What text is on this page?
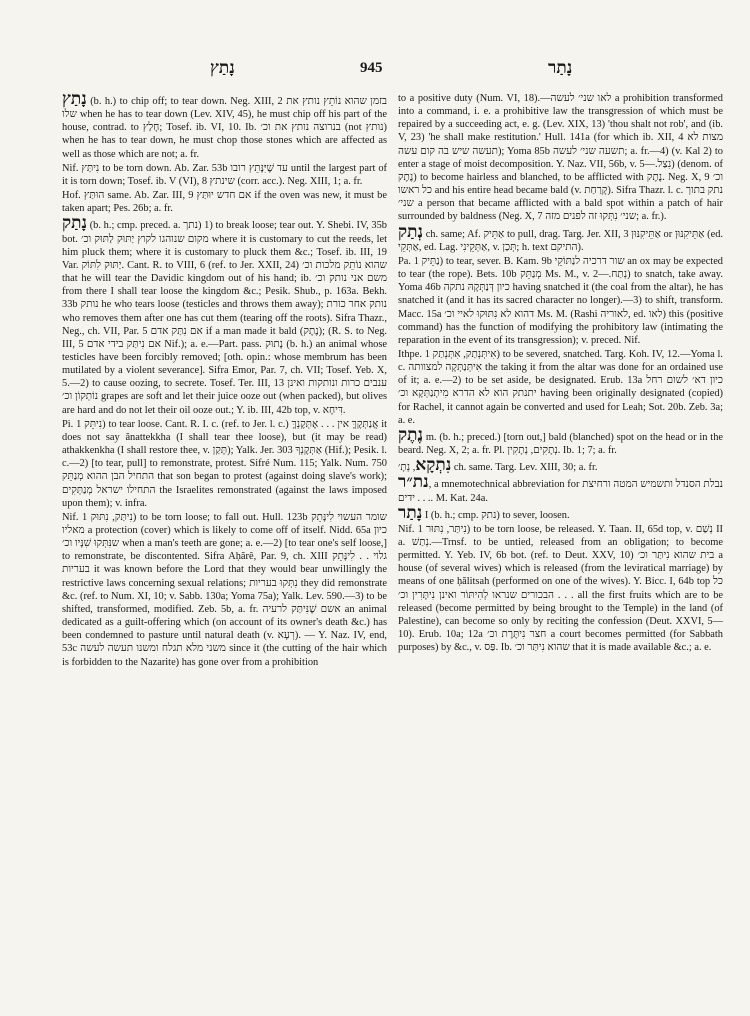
נָתַץ	945	נָתַר

נָתַץ (b. h.) to chip off; to tear down. Neg. XIII, 2 בזמן שהוא נוֹתֵץ נותץ את שלו when he has to tear down (Lev. XIV, 45), he must chip off his part of the house, contrad. to חָלַץ; Tosef. ib. VI, 10. Ib. בנרוצה נותץ את וכ׳ (not נותץ) when he has to tear down, he must chop those stones which are affected as well as those which are not; a. fr.

Nif. נִיתַּץ to be torn down. Ab. Zar. 53b עד שֶׁיִּנָּתֵץ רובו until the largest part of it is torn down; Tosef. ib. V (VI), 8 שינתץ (corr. acc.). Neg. XIII, 1; a. fr.

Hof. הוּתַּץ same. Ab. Zar. III, 9 אם חדש יוּתַּץ if the oven was new, it must be taken apart; Pes. 26b; a. fr.

נָתַק (b. h.; cmp. preced. a. נתך) 1) to break loose; tear out. Y. Shebi. IV, 35b bot. מקום שנוהגו לקוץ יַתּוּק לַתּוּק וכ׳ where it is customary to cut the reeds, let him pluck them; where it is customary to pluck them &c.; Tosef. ib. III, 19 Var. יַתּוּק לִתּוֹק. Cant. R. to VIII, 6 (ref. to Jer. XXII, 24) שהוא נוֹתֵק מלכות וכ׳ that he will tear the Davidic kingdom out of his hand; ib. משם אני נותק וכ׳ from there I shall tear loose the kingdom &c.; Pesik. Shub., p. 163a. Bekh. 33b נותק he who tears loose (testicles and throws them away); נותק אחר כורת who removes them after one has cut them (tearing off the roots). Sifra Thazr., Neg., ch. VII, Par. 5 אם נִתַּק אדם if a man made it bald (נֶתֶק); (R. S. to Neg. III, 5 אם נִיתַּק בידי אדם Nif.); a. e.—Part. pass. נָתוּק (b. h.) an animal whose testicles have been forcibly removed; [oth. opin.: whose membrum has been mutilated by a violent severance]. Sifra Emor, Par. 7, ch. VII; Tosef. Yeb. X, 5.—2) to cause oozing, to secrete. Tosef. Ter. III, 13 ענבים כרות ונותקות ואינן נוֹתְקוֹן וכ׳ grapes are soft and let their juice ooze out (when packed), but olives are hard and do not let their oil ooze out.; Y. ib. III, 42b top, v. דִּיחָא.

Pi. נִיתֵּק 1) to tear loose. Cant. R. I. c. (ref. to Jer. l. c.) אֲנַתְּקֶךָּ אין . . . אֶתְּקֶנְךָּ it does not say ănattekkha (I shall tear thee loose), but (it may be read) athakkenkha (I shall restore thee, v. תָּקַן); Yalk. Jer. 303 אַתְּקֶנְךָ (Hif.); Pesik. l. c.—2) [to tear, pull] to remonstrate, protest. Sifré Num. 115; Yalk. Num. 750 התחיל הבן ההוא מְנַתֵּק that son began to protest (against doing slave's work); התחילו ישראל מְנַתְּקִים the Israelites remonstrated (against the laws imposed upon them); v. infra.

Nif. נִיתַּק, נִתּוּק 1) to be torn loose; to fall out. Hull. 123b שומר העשוי לִינָּתֵק מאליו a protection (cover) which is likely to come off of itself. Nidd. 65a כיון שנִּתְּקוּ שִׁנָּיו וכ׳ when a man's teeth are gone; a. e.—2) [to tear one's self loose,] to remonstrate, be discontented. Sifra Aḥărê, Par. 9, ch. XIII גלוי . . לִינָּתֵק בעריות it was known before the Lord that they would bear unwillingly the restrictive laws concerning sexual relations; נִתְּקוּ בעריות they did remonstrate &c. (ref. to Num. XI, 10; v. Sabb. 130a; Yoma 75a); Yalk. Lev. 590.—3) to be shifted, transformed, modified. Zeb. 5b, a. fr. אשם שֶׁנִּיתַּק לרעיה an animal dedicated as a guilt-offering which (on account of its owner's death &c.) has been condemned to pasture until natural death (v. רְעָא). — Y. Naz. IV, end, 53c משני מלא תגלח ומשנו תעשה לעשה since it (the cutting of the hair which is forbidden to the Nazarite) has gone over from a prohibition

to a positive duty (Num. VI, 18).—לאו שני׳ לעשה a prohibition transformed into a command, i. e. a prohibitive law the transgression of which must be repaired by a succeeding act, e. g. (Lev. XIX, 13) 'thou shalt not rob', and (ib. V, 23) 'he shall make restitution.' Hull. 141a (for which ib. XII, 4 מצות לא תעשה שיש בה קום עשה); Yoma 85b תשעה שני׳ לעשה; a. fr.—4) (v. Kal 2) to enter a stage of moist decomposition. Y. Naz. VII, 56b, v. נִצַל.—5) (denom. of נֶתֶק) to become hairless and blanched, to be afflicted with נֶתֶק. Neg. X, 9 וכ׳ כל ראשו and his entire head became bald (v. קָרַחַת). Sifra Thazr. l. c. נתק בתוך שני׳ a person that became afflicted with a bald spot within a patch of hair surrounded by baldness (Neg. X, 7 שני׳ נִתְּקוּ זה לפנים מזה; a. fr.).

נְתַק ch. same; Af. אַתֵּיק to pull, drag. Targ. Jer. XII, 3 אַתֵּיקִנּוּן or אַתֵּיקִנּוּן (ed. אַתְּקֵי, ed. Lag. אַתְּקֵינִי, v. תְּכַן; h. text התיקם).

Pa. נַתֵּיק 1) to tear, sever. B. Kam. 9b שור דרכיה לנַתּוֹקֵי an ox may be expected to tear (the rope). Bets. 10b מְנַתֵּק Ms. M., v. נְתַח.—2) to snatch, take away. Yoma 46b כיון דְּנַתְּקָהּ נתקה having snatched it (the coal from the altar), he has snatched it (and it has its sacred character no longer).—3) to shift, transform. Macc. 15a דהוא לא נִתּוּקוּ לאיי וכ׳ Ms. M. (Rashi לאוריה, ed. לאו) this (positive command) has the function of modifying the prohibitory law (intimating the reparation in the event of its transgression); v. preced. Nif.

Ithpe. אִיתְּנְתַק, אִתְּנְתַק 1) to be severed, snatched. Targ. Koh. IV, 12.—Yoma l. c. אִיתְּנַתְּקָה למצוותה the taking it from the altar was done for an ordained use of it; a. e.—2) to be set aside, be designated. Erub. 13a כיון דא׳ לשום רחל יתנתק הוא לא הדרא מִיתְנַתְּקָא וכ׳ having been originally designated (copied) for Rachel, it cannot again be converted and used for Leah; Sot. 20b. Zeb. 3a; a. e.

נֶתֶק m. (b. h.; preced.) [torn out,] bald (blanched) spot on the head or in the beard. Neg. X, 2; a. fr. Pl. נְתָקִים, נְתָקִין. Ib. 1; 7; a. fr.

נִתְקָא, נְתָ׳ ch. same. Targ. Lev. XIII, 30; a. fr.

נת״ר, a mnemotechnical abbreviation for נבלת הסנדל ותשמיש המטה ורחיצת ידים . . .. M. Kat. 24a.

נָתַר I (b. h.; cmp. נתק) to sever, loosen.

Nif. נִיתַּר, נִתּוּר 1) to be torn loose, be released. Y. Taan. II, 65d top, v. נְשַׁם II a. נְתַשׁ.—Trnsf. to be untied, released from an obligation; to become permitted. Y. Yeb. IV, 6b bot. (ref. to Deut. XXV, 10) בית שהוא נִיתַּר וכ׳ a house (of several wives) which is released (from the leviratical marriage) by means of one ḥălitsah (performed on one of the wives). Y. Bicc. I, 64b top כל הבכורים שנראו לְהִיתּוֹר ואינן נִיתָּרִין וכ׳ . . . all the first fruits which are to be released (become permitted by being brought to the Temple) in the land (of Palestine), can become so only by reciting the confession (Deut. XXVI, 5—10). Erub. 10a; 12a חצר נִיתֶּרֶת וכ׳ a court becomes permitted (for Sabbath purposes) by &c., v. פַּס. Ib. שהוא נִיתַּר וכ׳ that it is made available &c.; a. e.
